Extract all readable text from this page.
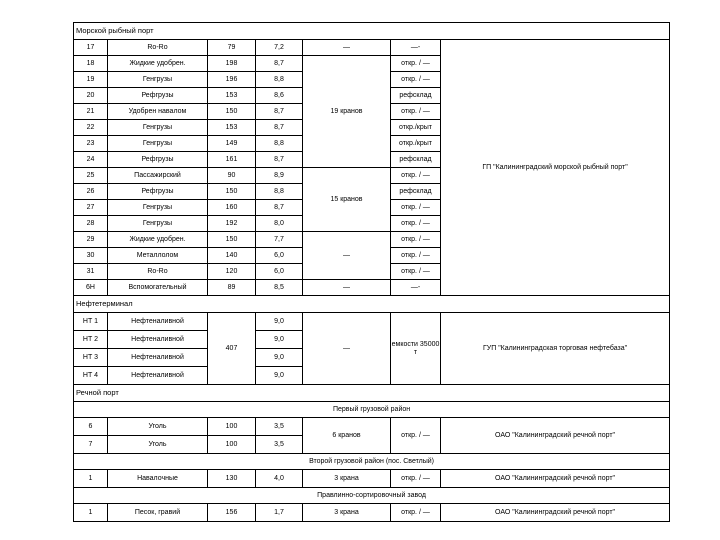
Морской рыбный порт						
17	Ro-Ro	79	7,2	—	—-	ГП "Калининградский морской рыбный порт"
18	Жидкие удобрен.	198	8,7	19 кранов	откр. / —	
19	Генгрузы	196	8,8		откр. / —	
20	Рефгрузы	153	8,6		рефсклад	
21	Удобрен навалом	150	8,7		откр. / —	
22	Генгрузы	153	8,7		откр./крыт	
23	Генгрузы	149	8,8		откр./крыт	
24	Рефгрузы	161	8,7		рефсклад	
25	Пассажирский	90	8,9	15 кранов	откр. / —	
26	Рефгрузы	150	8,8		рефсклад	
27	Генгрузы	160	8,7		откр. / —	
28	Генгрузы	192	8,0		откр. / —	
29	Жидкие удобрен.	150	7,7	—	откр. / —	
30	Металлолом	140	6,0		откр. / —	
31	Ro-Ro	120	6,0		откр. / —	
6Н	Вспомогательный	89	8,5	—	—-	
Нефтетерминал						
НТ 1	Нефтеналивной	407	9,0	—	емкости 35000 т	ГУП "Калининградская торговая нефтебаза"
НТ 2	Нефтеналивной		9,0			
НТ 3	Нефтеналивной		9,0			
НТ 4	Нефтеналивной		9,0			
Речной порт						
Первый грузовой район						
6	Уголь	100	3,5	6 кранов	откр. / —	ОАО "Калининградский речной порт"
7	Уголь	100	3,5			
Второй грузовой район (пос. Светлый)						
1	Навалочные	130	4,0	3 крана	откр. / —	ОАО "Калининградский речной порт"
Правлинно-сортировочный завод						
1	Песок, гравий	156	1,7	3 крана	откр. / —	ОАО "Калининградский речной порт"
